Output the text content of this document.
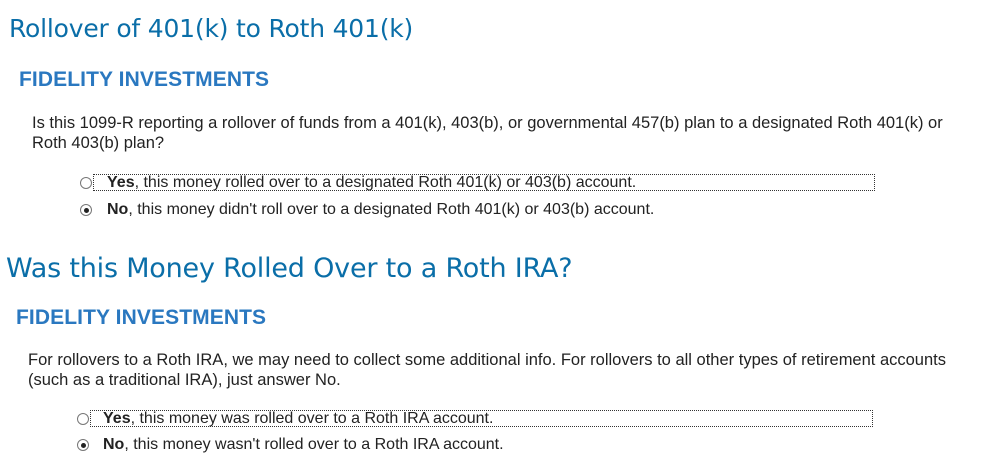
Rollover of 401(k) to Roth 401(k)
FIDELITY INVESTMENTS

Is this 1099-R reporting a rollover of funds from a 401(k), 403(b), or governmental 457(b) plan to a designated Roth 401(k) or Roth 403(b) plan?

Yes, this money rolled over to a designated Roth 401(k) or 403(b) account.
No, this money didn't roll over to a designated Roth 401(k) or 403(b) account.
Was this Money Rolled Over to a Roth IRA?
FIDELITY INVESTMENTS

For rollovers to a Roth IRA, we may need to collect some additional info. For rollovers to all other types of retirement accounts (such as a traditional IRA), just answer No.

Yes, this money was rolled over to a Roth IRA account.
No, this money wasn't rolled over to a Roth IRA account.
